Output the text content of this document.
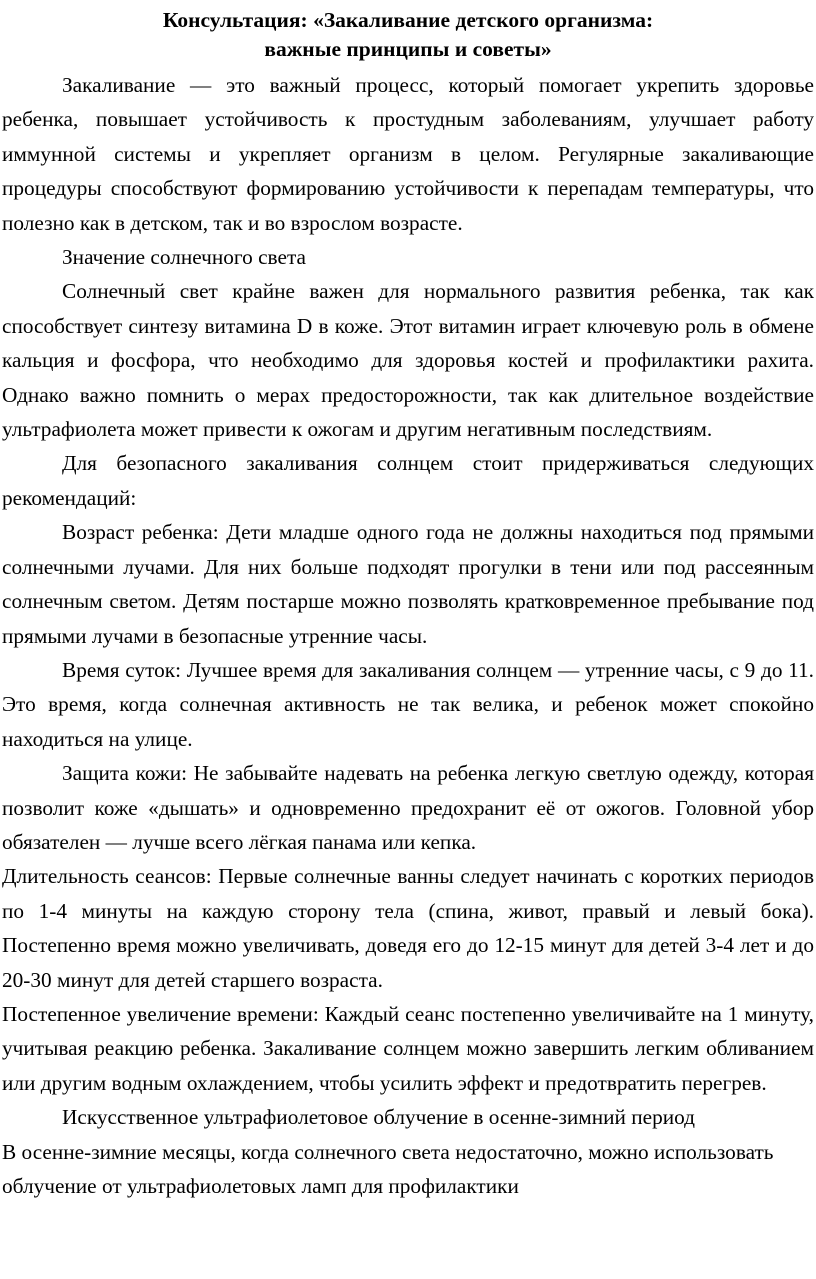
Консультация: «Закаливание детского организма:
важные принципы и советы»

Закаливание — это важный процесс, который помогает укрепить здоровье ребенка, повышает устойчивость к простудным заболеваниям, улучшает работу иммунной системы и укрепляет организм в целом. Регулярные закаливающие процедуры способствуют формированию устойчивости к перепадам температуры, что полезно как в детском, так и во взрослом возрасте.

Значение солнечного света

Солнечный свет крайне важен для нормального развития ребенка, так как способствует синтезу витамина D в коже. Этот витамин играет ключевую роль в обмене кальция и фосфора, что необходимо для здоровья костей и профилактики рахита. Однако важно помнить о мерах предосторожности, так как длительное воздействие ультрафиолета может привести к ожогам и другим негативным последствиям.

Для безопасного закаливания солнцем стоит придерживаться следующих рекомендаций:

Возраст ребенка: Дети младше одного года не должны находиться под прямыми солнечными лучами. Для них больше подходят прогулки в тени или под рассеянным солнечным светом. Детям постарше можно позволять кратковременное пребывание под прямыми лучами в безопасные утренние часы.

Время суток: Лучшее время для закаливания солнцем — утренние часы, с 9 до 11. Это время, когда солнечная активность не так велика, и ребенок может спокойно находиться на улице.

Защита кожи: Не забывайте надевать на ребенка легкую светлую одежду, которая позволит коже «дышать» и одновременно предохранит её от ожогов. Головной убор обязателен — лучше всего лёгкая панама или кепка.

Длительность сеансов: Первые солнечные ванны следует начинать с коротких периодов по 1-4 минуты на каждую сторону тела (спина, живот, правый и левый бока). Постепенно время можно увеличивать, доведя его до 12-15 минут для детей 3-4 лет и до 20-30 минут для детей старшего возраста.

Постепенное увеличение времени: Каждый сеанс постепенно увеличивайте на 1 минуту, учитывая реакцию ребенка. Закаливание солнцем можно завершить легким обливанием или другим водным охлаждением, чтобы усилить эффект и предотвратить перегрев.

Искусственное ультрафиолетовое облучение в осенне-зимний период

В осенне-зимние месяцы, когда солнечного света недостаточно, можно использовать облучение от ультрафиолетовых ламп для профилактики
